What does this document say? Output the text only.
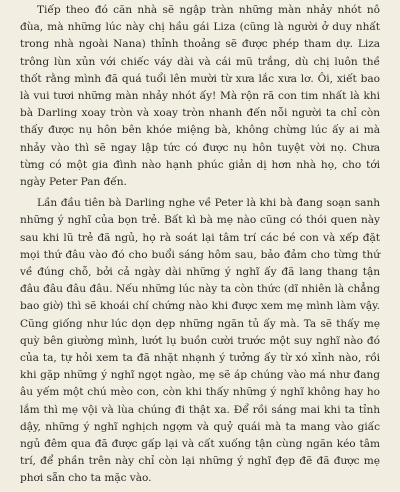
Tiếp theo đó căn nhà sẽ ngập tràn những màn nhảy nhót nô đùa, mà những lúc này chị hầu gái Liza (cũng là người ở duy nhất trong nhà ngoài Nana) thỉnh thoảng sẽ được phép tham dự. Liza trông lùn xủn với chiếc váy dài và cái mũ trắng, dù chị luôn thề thốt rằng mình đã quá tuổi lên mười từ xưa lắc xưa lơ. Ôi, xiết bao là vui tươi những màn nhảy nhót ấy! Mà rộn rã con tim nhất là khi bà Darling xoay tròn và xoay tròn nhanh đến nỗi người ta chỉ còn thấy được nụ hôn bên khóe miệng bà, không chừng lúc ấy ai mà nhảy vào thì sẽ ngay lập tức có được nụ hôn tuyệt vời nọ. Chưa từng có một gia đình nào hạnh phúc giản dị hơn nhà họ, cho tới ngày Peter Pan đến.

Lần đầu tiên bà Darling nghe về Peter là khi bà đang soạn sanh những ý nghĩ của bọn trẻ. Bất kì bà mẹ nào cũng có thói quen này sau khi lũ trẻ đã ngủ, họ rà soát lại tâm trí các bé con và xếp đặt mọi thứ đâu vào đó cho buổi sáng hôm sau, bảo đảm cho từng thứ về đúng chỗ, bởi cả ngày dài những ý nghĩ ấy đã lang thang tận đâu đâu đâu đâu. Nếu những lúc này ta còn thức (dĩ nhiên là chẳng bao giờ) thì sẽ khoái chí chứng nào khi được xem mẹ mình làm vậy. Cũng giống như lúc dọn dẹp những ngăn tủ ấy mà. Ta sẽ thấy mẹ quỳ bên giường mình, lướt lụ buồn cười trước một suy nghĩ nào đó của ta, tự hỏi xem ta đã nhặt nhạnh ý tưởng ấy từ xó xỉnh nào, rồi khi gặp những ý nghĩ ngọt ngào, mẹ sẽ áp chúng vào má như đang âu yếm một chú mèo con, còn khi thấy những ý nghĩ không hay ho lắm thì mẹ vội và lùa chúng đi thật xa. Để rồi sáng mai khi ta tỉnh dậy, những ý nghĩ nghịch ngợm và quỷ quái mà ta mang vào giấc ngủ đêm qua đã được gấp lại và cất xuống tận cùng ngăn kéo tâm trí, để phần trên này chỉ còn lại những ý nghĩ đẹp đẽ đã được mẹ phơi sẵn cho ta mặc vào.
